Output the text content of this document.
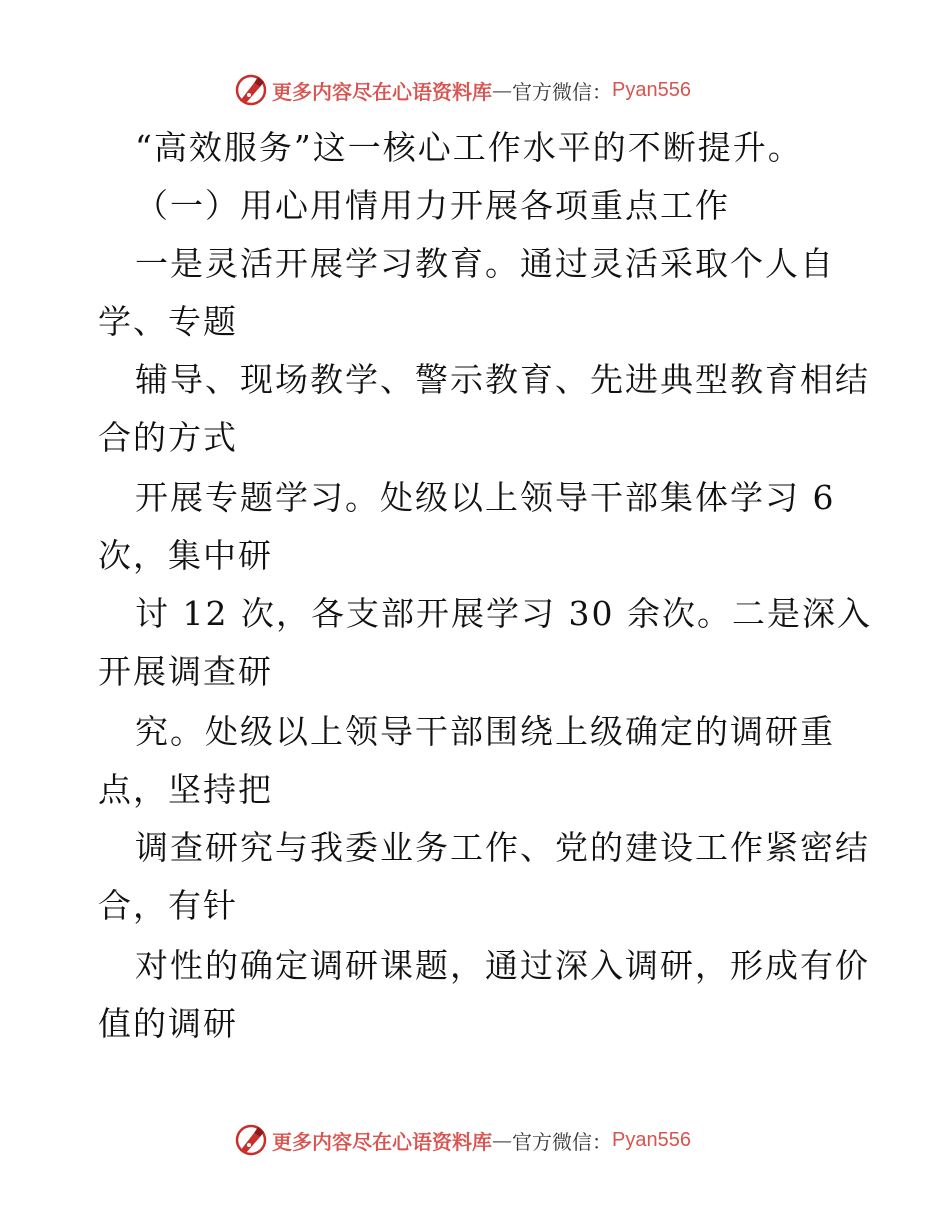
更多内容尽在心语资料库 — 官方微信： Pyan556
“高效服务”这一核心工作水平的不断提升。
（一）用心用情用力开展各项重点工作
一是灵活开展学习教育。通过灵活采取个人自
学、专题
辅导、现场教学、警示教育、先进典型教育相结
合的方式
开展专题学习。处级以上领导干部集体学习 6
次，集中研
讨 12 次，各支部开展学习 30 余次。二是深入
开展调查研
究。处级以上领导干部围绕上级确定的调研重
点，坚持把
调查研究与我委业务工作、党的建设工作紧密结
合，有针
对性的确定调研课题，通过深入调研，形成有价
值的调研
更多内容尽在心语资料库 — 官方微信： Pyan556
